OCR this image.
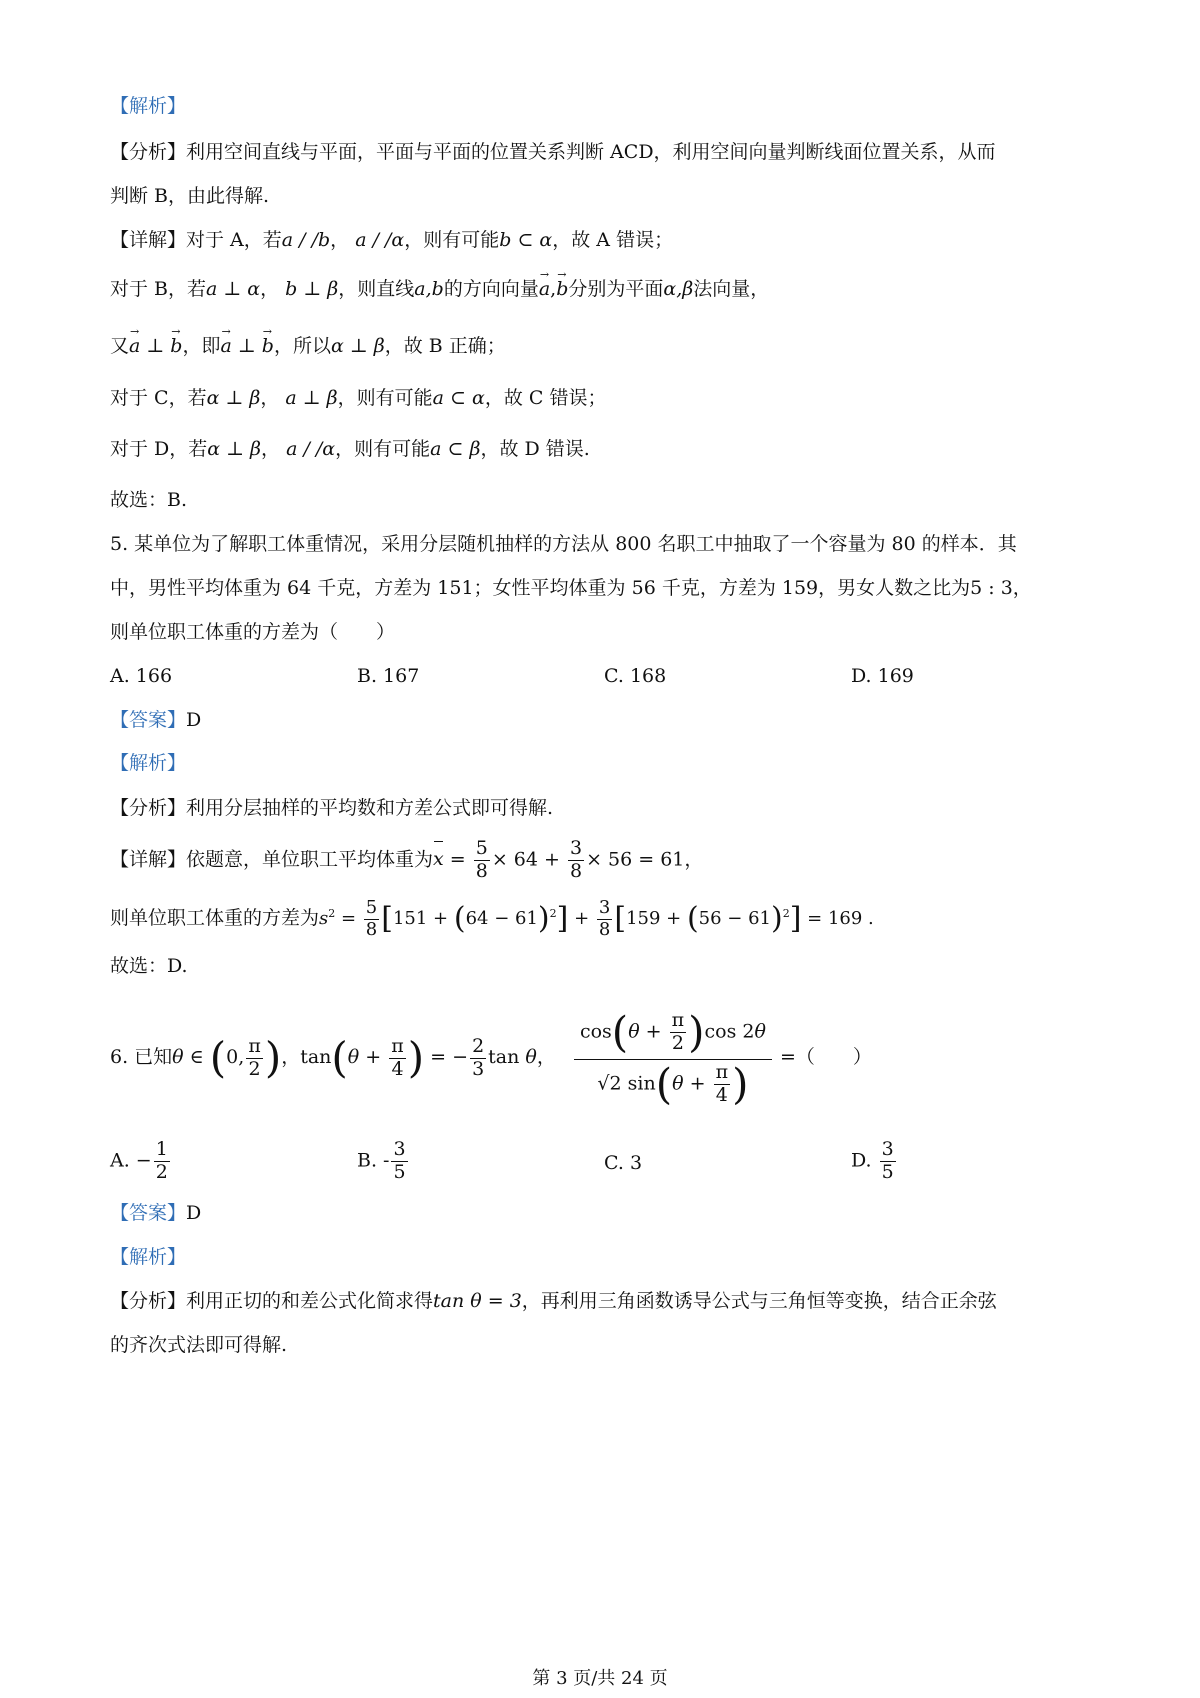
【解析】
【分析】利用空间直线与平面，平面与平面的位置关系判断 ACD，利用空间向量判断线面位置关系，从而
判断 B，由此得解.
【详解】对于 A，若a / /b， a / /α，则有可能b ⊂ α，故 A 错误；
对于 B，若a ⊥ α， b ⊥ β，则直线a,b的方向向量→ a,→ b分别为平面α,β法向量，
又→ a ⊥ → b，即→ a ⊥ → b，所以α ⊥ β，故 B 正确；
对于 C，若α ⊥ β， a ⊥ β，则有可能a ⊂ α，故 C 错误；
对于 D，若α ⊥ β， a / /α，则有可能a ⊂ β，故 D 错误.
故选：B.
5. 某单位为了解职工体重情况，采用分层随机抽样的方法从 800 名职工中抽取了一个容量为 80 的样本．其
中，男性平均体重为 64 千克，方差为 151；女性平均体重为 56 千克，方差为 159，男女人数之比为5 : 3，
则单位职工体重的方差为（　　）
A. 166	B. 167	C. 168	D. 169
【答案】D
【解析】
【分析】利用分层抽样的平均数和方差公式即可得解.
【详解】依题意，单位职工平均体重为$x = \frac{5}{8} \times 64 + \frac{3}{8} \times 56 = 61$，
则单位职工体重的方差为$s^2 = \frac{5}{8} [151 + (64 - 61)^2] + \frac{3}{8} [159 + (56 - 61)^2] = 169$ .
故选：D.
6. 已知θ ∈ (0, $\frac{\pi}{2}$ )，$\tan(\theta + \frac{\pi}{4}$ ) = − $\frac{2}{3}$ tan θ， $\frac{\cos(\theta + \frac{\pi}{2} )\cos 2\theta}{√2 \sin(\theta + \frac{\pi}{4} )}$ =（　　）
A. − $\frac{1}{2}$	B. - $\frac{3}{5}$	C. 3	D. $\frac{3}{5}$
【答案】D
【解析】
【分析】利用正切的和差公式化简求得tan θ = 3，再利用三角函数诱导公式与三角恒等变换，结合正余弦
的齐次式法即可得解.
第 3 页/共 24 页
